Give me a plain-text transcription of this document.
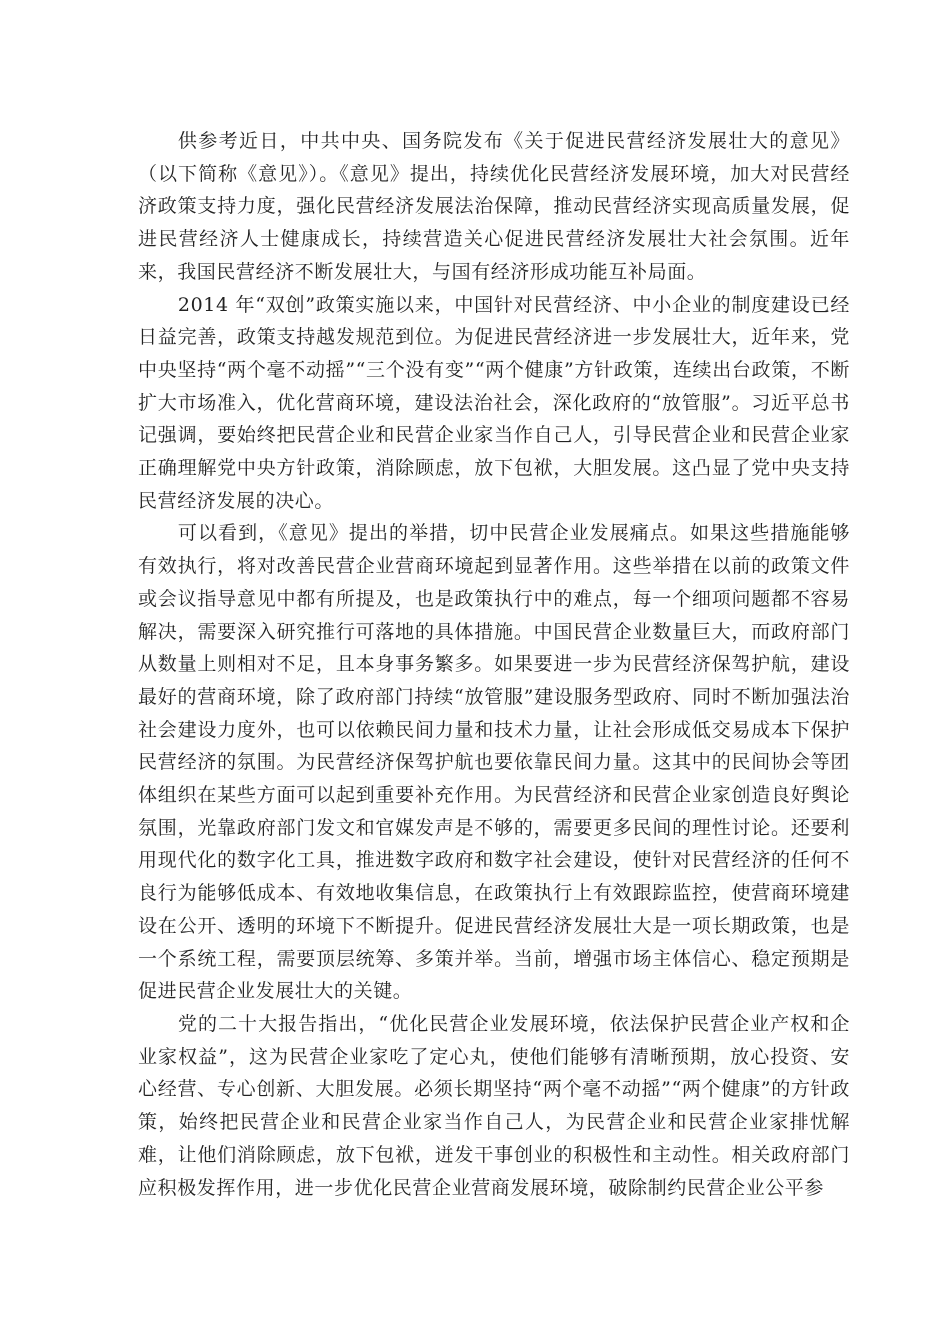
供参考近日，中共中央、国务院发布《关于促进民营经济发展壮大的意见》（以下简称《意见》）。《意见》提出，持续优化民营经济发展环境，加大对民营经济政策支持力度，强化民营经济发展法治保障，推动民营经济实现高质量发展，促进民营经济人士健康成长，持续营造关心促进民营经济发展壮大社会氛围。近年来，我国民营经济不断发展壮大，与国有经济形成功能互补局面。

2014 年“双创”政策实施以来，中国针对民营经济、中小企业的制度建设已经日益完善，政策支持越发规范到位。为促进民营经济进一步发展壮大，近年来，党中央坚持“两个毫不动摇”“三个没有变”“两个健康”方针政策，连续出台政策，不断扩大市场准入，优化营商环境，建设法治社会，深化政府的“放管服”。习近平总书记强调，要始终把民营企业和民营企业家当作自己人，引导民营企业和民营企业家正确理解党中央方针政策，消除顾虑，放下包袱，大胆发展。这凸显了党中央支持民营经济发展的决心。

可以看到，《意见》提出的举措，切中民营企业发展痛点。如果这些措施能够有效执行，将对改善民营企业营商环境起到显著作用。这些举措在以前的政策文件或会议指导意见中都有所提及，也是政策执行中的难点，每一个细项问题都不容易解决，需要深入研究推行可落地的具体措施。中国民营企业数量巨大，而政府部门从数量上则相对不足，且本身事务繁多。如果要进一步为民营经济保驾护航，建设最好的营商环境，除了政府部门持续“放管服”建设服务型政府、同时不断加强法治社会建设力度外，也可以依赖民间力量和技术力量，让社会形成低交易成本下保护民营经济的氛围。为民营经济保驾护航也要依靠民间力量。这其中的民间协会等团体组织在某些方面可以起到重要补充作用。为民营经济和民营企业家创造良好舆论氛围，光靠政府部门发文和官媒发声是不够的，需要更多民间的理性讨论。还要利用现代化的数字化工具，推进数字政府和数字社会建设，使针对民营经济的任何不良行为能够低成本、有效地收集信息，在政策执行上有效跟踪监控，使营商环境建设在公开、透明的环境下不断提升。促进民营经济发展壮大是一项长期政策，也是一个系统工程，需要顶层统筹、多策并举。当前，增强市场主体信心、稳定预期是促进民营企业发展壮大的关键。

党的二十大报告指出，“优化民营企业发展环境，依法保护民营企业产权和企业家权益”，这为民营企业家吃了定心丸，使他们能够有清晰预期，放心投资、安心经营、专心创新、大胆发展。必须长期坚持“两个毫不动摇”“两个健康”的方针政策，始终把民营企业和民营企业家当作自己人，为民营企业和民营企业家排忧解难，让他们消除顾虑，放下包袱，迸发干事创业的积极性和主动性。相关政府部门应积极发挥作用，进一步优化民营企业营商发展环境，破除制约民营企业公平参
